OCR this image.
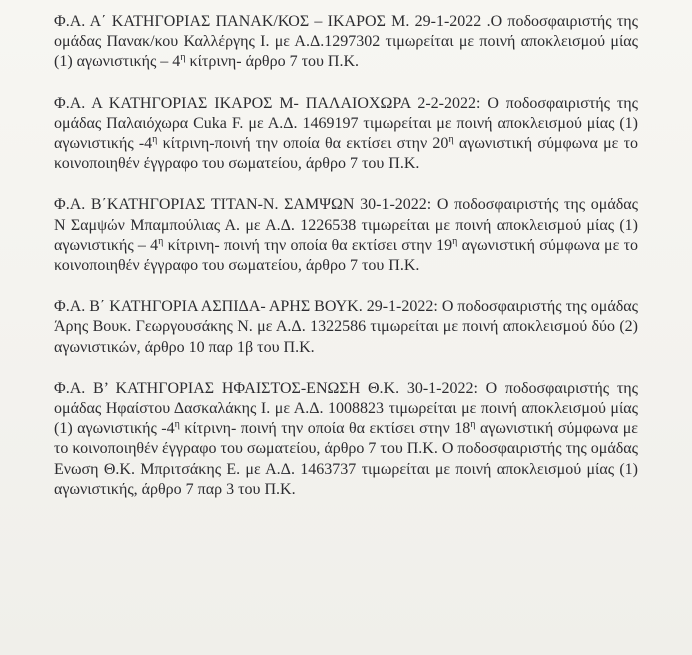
Φ.Α. Α΄ ΚΑΤΗΓΟΡΙΑΣ ΠΑΝΑΚ/ΚΟΣ – ΙΚΑΡΟΣ Μ. 29-1-2022 .Ο ποδοσφαιριστής της ομάδας Πανακ/κου Καλλέργης Ι. με Α.Δ.1297302 τιμωρείται με ποινή αποκλεισμού μίας (1) αγωνιστικής – $4^\eta$ κίτρινη- άρθρο 7 του Π.Κ.

Φ.Α. Α ΚΑΤΗΓΟΡΙΑΣ ΙΚΑΡΟΣ Μ- ΠΑΛΑΙΟΧΩΡΑ 2-2-2022: Ο ποδοσφαιριστής της ομάδας Παλαιόχωρα Cuka F. με Α.Δ. 1469197 τιμωρείται με ποινή αποκλεισμού μίας (1) αγωνιστικής $-4^\eta$ κίτρινη-ποινή την οποία θα εκτίσει στην $20^\eta$ αγωνιστική σύμφωνα με το κοινοποιηθέν έγγραφο του σωματείου, άρθρο 7 του Π.Κ.

Φ.Α. Β΄ΚΑΤΗΓΟΡΙΑΣ ΤΙΤΑΝ-Ν. ΣΑΜΨΩΝ 30-1-2022: Ο ποδοσφαιριστής της ομάδας Ν Σαμψών Μπαμπούλιας Α. με Α.Δ. 1226538 τιμωρείται με ποινή αποκλεισμού μίας (1) αγωνιστικής – $4^\eta$ κίτρινη- ποινή την οποία θα εκτίσει στην $19^\eta$ αγωνιστική σύμφωνα με το κοινοποιηθέν έγγραφο του σωματείου, άρθρο 7 του Π.Κ.

Φ.Α. Β΄ ΚΑΤΗΓΟΡΙΑ ΑΣΠΙΔΑ- ΑΡΗΣ ΒΟΥΚ. 29-1-2022: Ο ποδοσφαιριστής της ομάδας Άρης Βουκ. Γεωργουσάκης Ν. με Α.Δ. 1322586 τιμωρείται με ποινή αποκλεισμού δύο (2) αγωνιστικών, άρθρο 10 παρ 1β του Π.Κ.

Φ.Α. Β’ ΚΑΤΗΓΟΡΙΑΣ ΗΦΑΙΣΤΟΣ-ΕΝΩΣΗ Θ.Κ. 30-1-2022: Ο ποδοσφαιριστής της ομάδας Ηφαίστου Δασκαλάκης Ι. με Α.Δ. 1008823 τιμωρείται με ποινή αποκλεισμού μίας (1) αγωνιστικής $-4^\eta$ κίτρινη- ποινή την οποία θα εκτίσει στην $18^\eta$ αγωνιστική σύμφωνα με το κοινοποιηθέν έγγραφο του σωματείου, άρθρο 7 του Π.Κ. Ο ποδοσφαιριστής της ομάδας Ενωση Θ.Κ. Μπριτσάκης Ε. με Α.Δ. 1463737 τιμωρείται με ποινή αποκλεισμού μίας (1) αγωνιστικής, άρθρο 7 παρ 3 του Π.Κ.
